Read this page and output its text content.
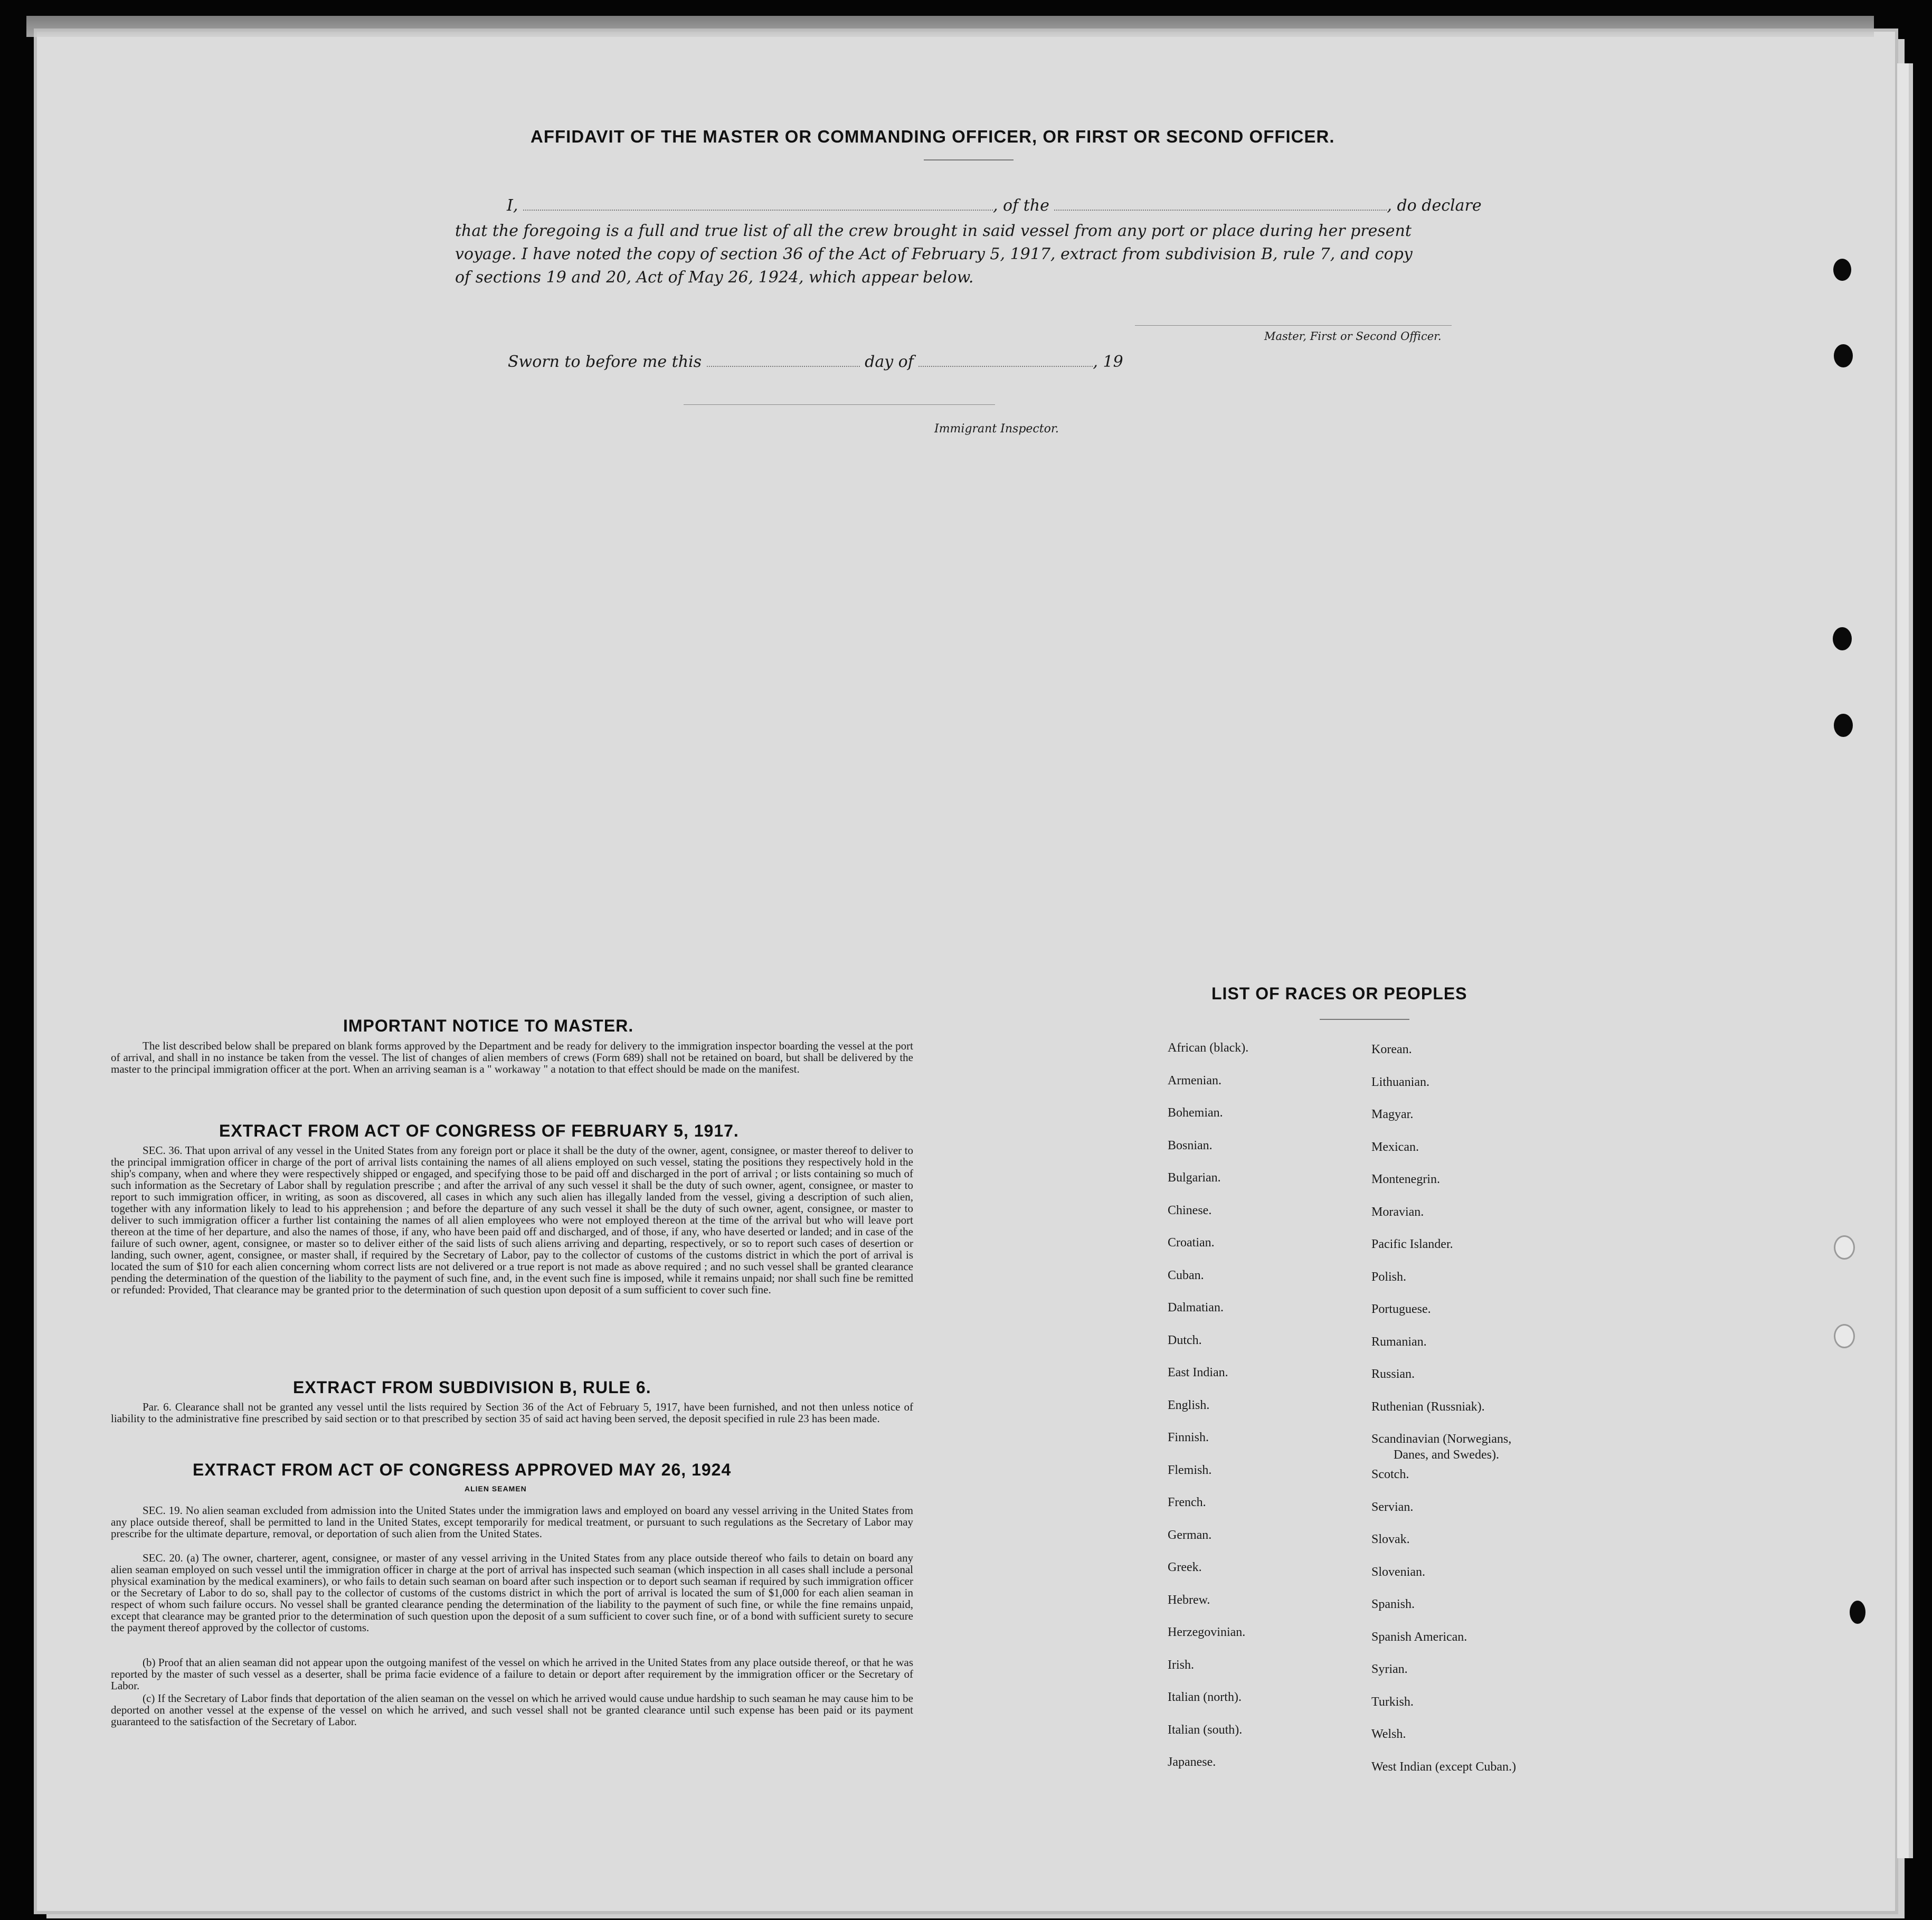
AFFIDAVIT OF THE MASTER OR COMMANDING OFFICER, OR FIRST OR SECOND OFFICER.
I,	, of the	, do declare
that the foregoing is a full and true list of all the crew brought in said vessel from any port or place during her present
voyage. I have noted the copy of section 36 of the Act of February 5, 1917, extract from subdivision B, rule 7, and copy
of sections 19 and 20, Act of May 26, 1924, which appear below.
Master, First or Second Officer.
Sworn to before me this	day of	, 19
Immigrant Inspector.
IMPORTANT NOTICE TO MASTER.
The list described below shall be prepared on blank forms approved by the Department and be ready for delivery to the immigration inspector boarding the vessel at the port of arrival, and shall in no instance be taken from the vessel. The list of changes of alien members of crews (Form 689) shall not be retained on board, but shall be delivered by the master to the principal immigration officer at the port. When an arriving seaman is a " workaway " a notation to that effect should be made on the manifest.
EXTRACT FROM ACT OF CONGRESS OF FEBRUARY 5, 1917.
SEC. 36. That upon arrival of any vessel in the United States from any foreign port or place it shall be the duty of the owner, agent, consignee, or master thereof to deliver to the principal immigration officer in charge of the port of arrival lists containing the names of all aliens employed on such vessel, stating the positions they respectively hold in the ship's company, when and where they were respectively shipped or engaged, and specifying those to be paid off and discharged in the port of arrival ; or lists containing so much of such information as the Secretary of Labor shall by regulation prescribe ; and after the arrival of any such vessel it shall be the duty of such owner, agent, consignee, or master to report to such immigration officer, in writing, as soon as discovered, all cases in which any such alien has illegally landed from the vessel, giving a description of such alien, together with any information likely to lead to his apprehension ; and before the departure of any such vessel it shall be the duty of such owner, agent, consignee, or master to deliver to such immigration officer a further list containing the names of all alien employees who were not employed thereon at the time of the arrival but who will leave port thereon at the time of her departure, and also the names of those, if any, who have been paid off and discharged, and of those, if any, who have deserted or landed; and in case of the failure of such owner, agent, consignee, or master so to deliver either of the said lists of such aliens arriving and departing, respectively, or so to report such cases of desertion or landing, such owner, agent, consignee, or master shall, if required by the Secretary of Labor, pay to the collector of customs of the customs district in which the port of arrival is located the sum of $10 for each alien concerning whom correct lists are not delivered or a true report is not made as above required ; and no such vessel shall be granted clearance pending the determination of the question of the liability to the payment of such fine, and, in the event such fine is imposed, while it remains unpaid; nor shall such fine be remitted or refunded: Provided, That clearance may be granted prior to the determination of such question upon deposit of a sum sufficient to cover such fine.
EXTRACT FROM SUBDIVISION B, RULE 6.
Par. 6. Clearance shall not be granted any vessel until the lists required by Section 36 of the Act of February 5, 1917, have been furnished, and not then unless notice of liability to the administrative fine prescribed by said section or to that prescribed by section 35 of said act having been served, the deposit specified in rule 23 has been made.
EXTRACT FROM ACT OF CONGRESS APPROVED MAY 26, 1924
ALIEN SEAMEN
SEC. 19. No alien seaman excluded from admission into the United States under the immigration laws and employed on board any vessel arriving in the United States from any place outside thereof, shall be permitted to land in the United States, except temporarily for medical treatment, or pursuant to such regulations as the Secretary of Labor may prescribe for the ultimate departure, removal, or deportation of such alien from the United States.
SEC. 20. (a) The owner, charterer, agent, consignee, or master of any vessel arriving in the United States from any place outside thereof who fails to detain on board any alien seaman employed on such vessel until the immigration officer in charge at the port of arrival has inspected such seaman (which inspection in all cases shall include a personal physical examination by the medical examiners), or who fails to detain such seaman on board after such inspection or to deport such seaman if required by such immigration officer or the Secretary of Labor to do so, shall pay to the collector of customs of the customs district in which the port of arrival is located the sum of $1,000 for each alien seaman in respect of whom such failure occurs. No vessel shall be granted clearance pending the determination of the liability to the payment of such fine, or while the fine remains unpaid, except that clearance may be granted prior to the determination of such question upon the deposit of a sum sufficient to cover such fine, or of a bond with sufficient surety to secure the payment thereof approved by the collector of customs.
(b) Proof that an alien seaman did not appear upon the outgoing manifest of the vessel on which he arrived in the United States from any place outside thereof, or that he was reported by the master of such vessel as a deserter, shall be prima facie evidence of a failure to detain or deport after requirement by the immigration officer or the Secretary of Labor.
(c) If the Secretary of Labor finds that deportation of the alien seaman on the vessel on which he arrived would cause undue hardship to such seaman he may cause him to be deported on another vessel at the expense of the vessel on which he arrived, and such vessel shall not be granted clearance until such expense has been paid or its payment guaranteed to the satisfaction of the Secretary of Labor.
LIST OF RACES OR PEOPLES
African (black).
Armenian.
Bohemian.
Bosnian.
Bulgarian.
Chinese.
Croatian.
Cuban.
Dalmatian.
Dutch.
East Indian.
English.
Finnish.
Flemish.
French.
German.
Greek.
Hebrew.
Herzegovinian.
Irish.
Italian (north).
Italian (south).
Japanese.
Korean.
Lithuanian.
Magyar.
Mexican.
Montenegrin.
Moravian.
Pacific Islander.
Polish.
Portuguese.
Rumanian.
Russian.
Ruthenian (Russniak).
Scandinavian (Norwegians,
Danes, and Swedes).
Scotch.
Servian.
Slovak.
Slovenian.
Spanish.
Spanish American.
Syrian.
Turkish.
Welsh.
West Indian (except Cuban.)
